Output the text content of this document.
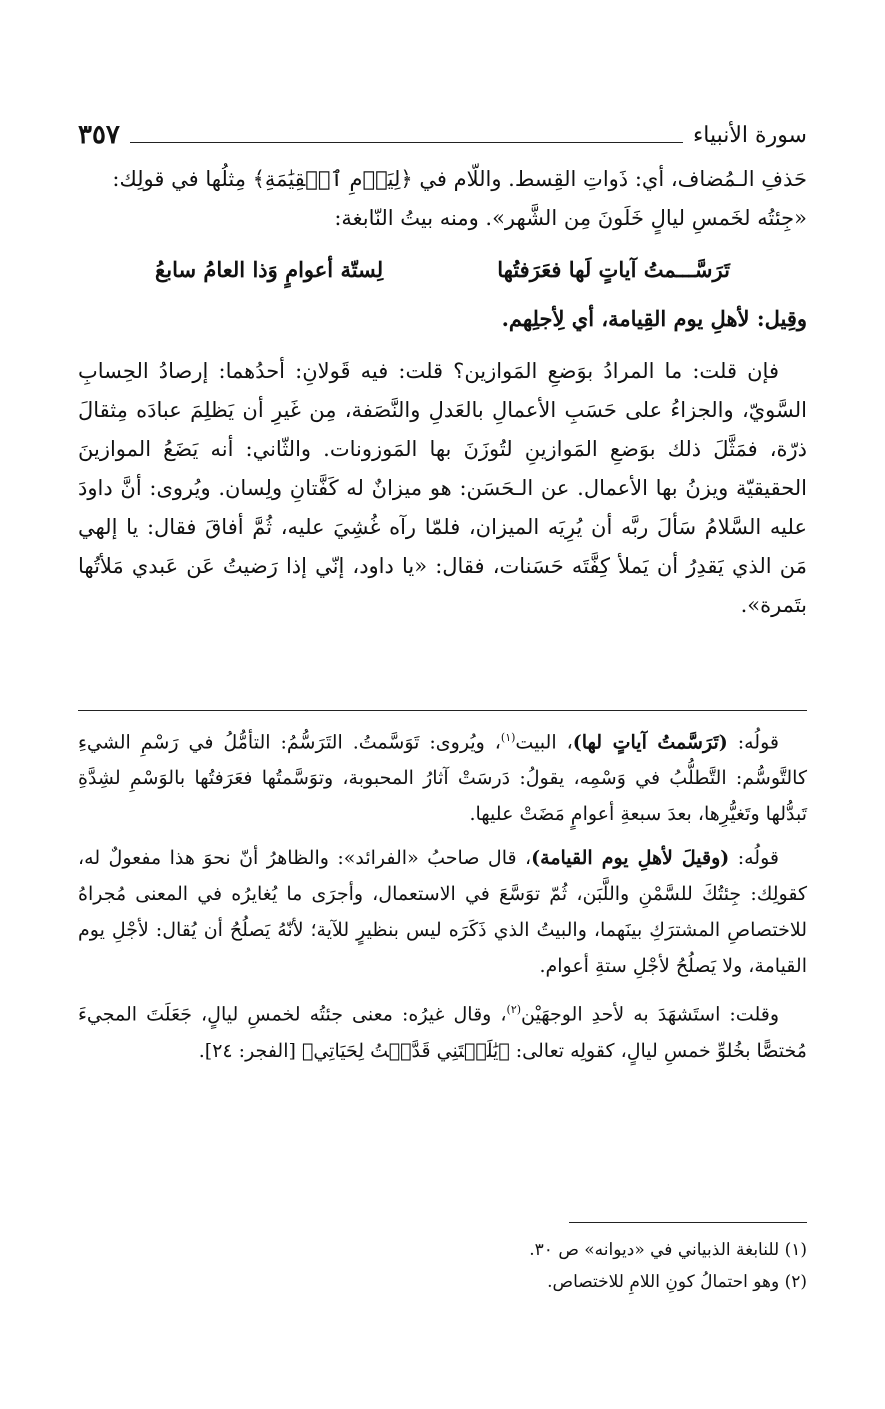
سورة الأنبياء
٣٥٧

حَذفِ الـمُضاف، أي: ذَواتِ القِسط. واللّام في ﴿لِيَوۡمِ ٱلۡقِيَٰمَةِ﴾ مِثلُها في قولِك:

«جِئتُه لخَمسِ ليالٍ خَلَونَ مِن الشَّهر». ومنه بيتُ النّابغة:

تَرَسَّـــمتُ آياتٍ لَها فعَرَفتُها
لِستّة أعوامٍ وَذا العامُ سابعُ

وقِيل: لأهلِ يوم القِيامة، أي لِأجلِهم.

فإن قلت: ما المرادُ بوَضعِ المَوازين؟ قلت: فيه قَولانِ: أحدُهما: إرصادُ الحِسابِ السَّويّ، والجزاءُ على حَسَبِ الأعمالِ بالعَدلِ والنَّصَفة، مِن غَيرِ أن يَظلِمَ عبادَه مِثقالَ ذرّة، فمَثَّلَ ذلك بوَضعِ المَوازينِ لتُوزَنَ بها المَوزونات. والثّاني: أنه يَضَعُ الموازينَ الحقيقيّة ويزنُ بها الأعمال. عن الـحَسَن: هو ميزانٌ له كَفَّتانِ ولِسان. ويُروى: أنَّ داودَ عليه السَّلامُ سَألَ ربَّه أن يُرِيَه الميزان، فلمّا رآه غُشِيَ عليه، ثُمَّ أفاقَ فقال: يا إلهي مَن الذي يَقدِرُ أن يَملأ كِفَّتَه حَسَنات، فقال: «يا داود، إنّي إذا رَضيتُ عَن عَبدي مَلأتُها بتَمرة».

قولُه: (تَرَسَّمتُ آياتٍ لها)، البيت$^{(١)}$، ويُروى: تَوَسَّمتُ. التَرَسُّمُ: التأمُّلُ في رَسْمِ الشيءِ كالتَّوسُّم: التَّطلُّبُ في وَسْمِه، يقولُ: دَرسَتْ آثارُ المحبوبة، وتوَسَّمتُها فعَرَفتُها بالوَسْمِ لشِدَّةِ تَبدُّلها وتَغيُّرِها، بعدَ سبعةِ أعوامٍ مَضَتْ عليها.

قولُه: (وقيلَ لأهلِ يوم القيامة)، قال صاحبُ «الفرائد»: والظاهرُ أنّ نحوَ هذا مفعولٌ له، كقولِك: جِئتُكَ للسَّمْنِ واللَّبَن، ثُمّ توَسَّعَ في الاستعمال، وأجرَى ما يُغايرُه في المعنى مُجراهُ للاختصاصِ المشترَكِ بينَهما، والبيتُ الذي ذَكَرَه ليس بنظيرٍ للآية؛ لأنّهُ يَصلُحُ أن يُقال: لأجْلِ يوم القيامة، ولا يَصلُحُ لأجْلِ ستةِ أعوام.

وقلت: استَشهَدَ به لأحدِ الوجهَيْن$^{(٢)}$، وقال غيرُه: معنى جئتُه لخمسِ ليالٍ، جَعَلَتَ المجيءَ مُختصًّا بخُلوِّ خمسِ ليالٍ، كقولِه تعالى: ﴿يَٰلَيۡتَنِي قَدَّمۡتُ لِحَيَاتِي﴾ [الفجر: ٢٤].

(١) للنابغة الذبياني في «ديوانه» ص ٣٠.
(٢) وهو احتمالُ كونِ اللامِ للاختصاص.
